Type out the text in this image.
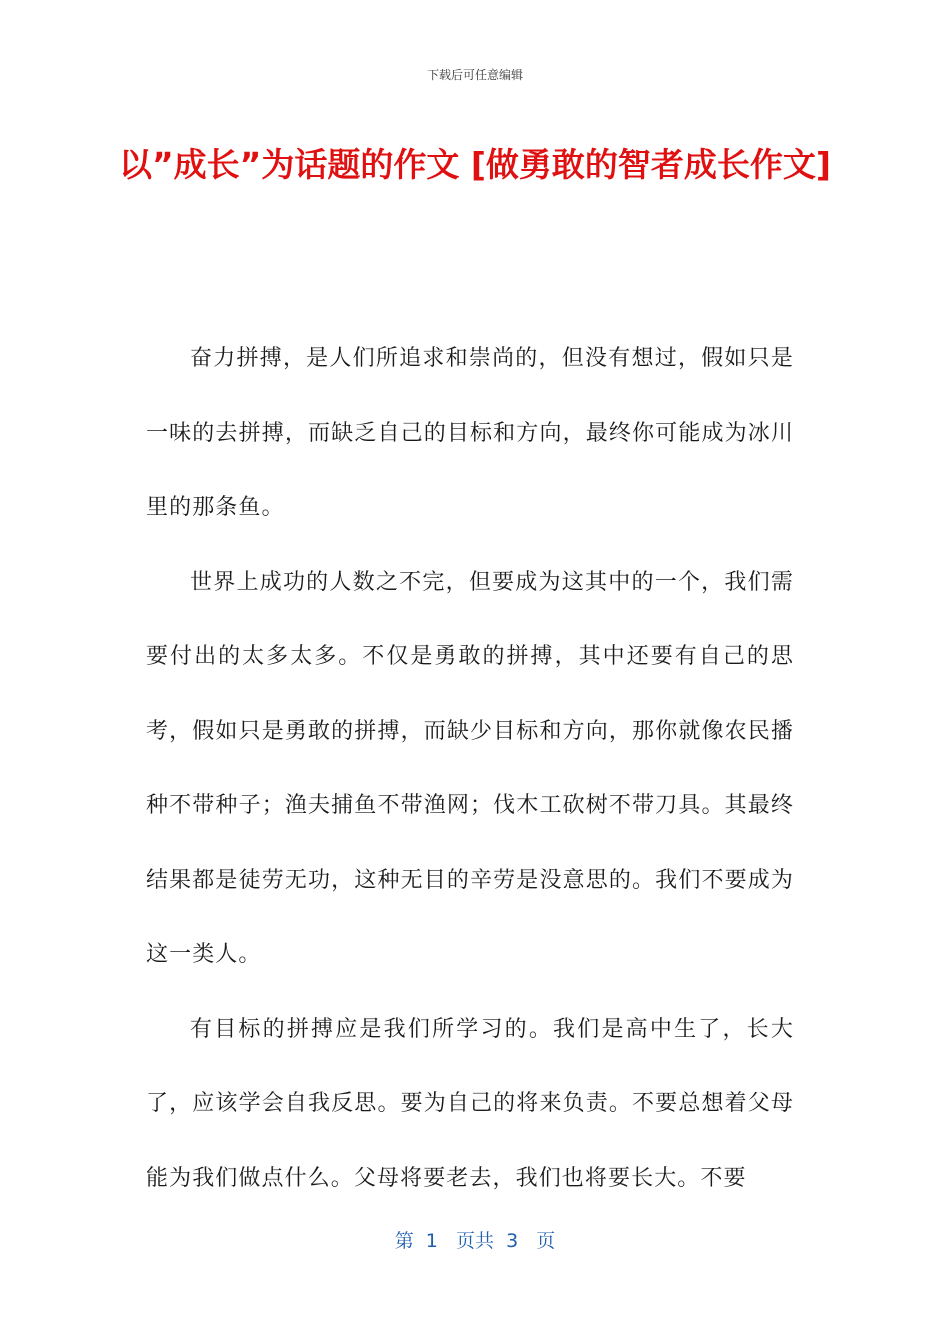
下载后可任意编辑
以”成长”为话题的作文 [做勇敢的智者成长作文]

奋力拼搏，是人们所追求和崇尚的，但没有想过，假如只是一味的去拼搏，而缺乏自己的目标和方向，最终你可能成为冰川里的那条鱼。

世界上成功的人数之不完，但要成为这其中的一个，我们需要付出的太多太多。不仅是勇敢的拼搏，其中还要有自己的思考，假如只是勇敢的拼搏，而缺少目标和方向，那你就像农民播种不带种子；渔夫捕鱼不带渔网；伐木工砍树不带刀具。其最终结果都是徒劳无功，这种无目的辛劳是没意思的。我们不要成为这一类人。

有目标的拼搏应是我们所学习的。我们是高中生了，长大了，应该学会自我反思。要为自己的将来负责。不要总想着父母能为我们做点什么。父母将要老去，我们也将要长大。不要

第  1   页共  3   页
